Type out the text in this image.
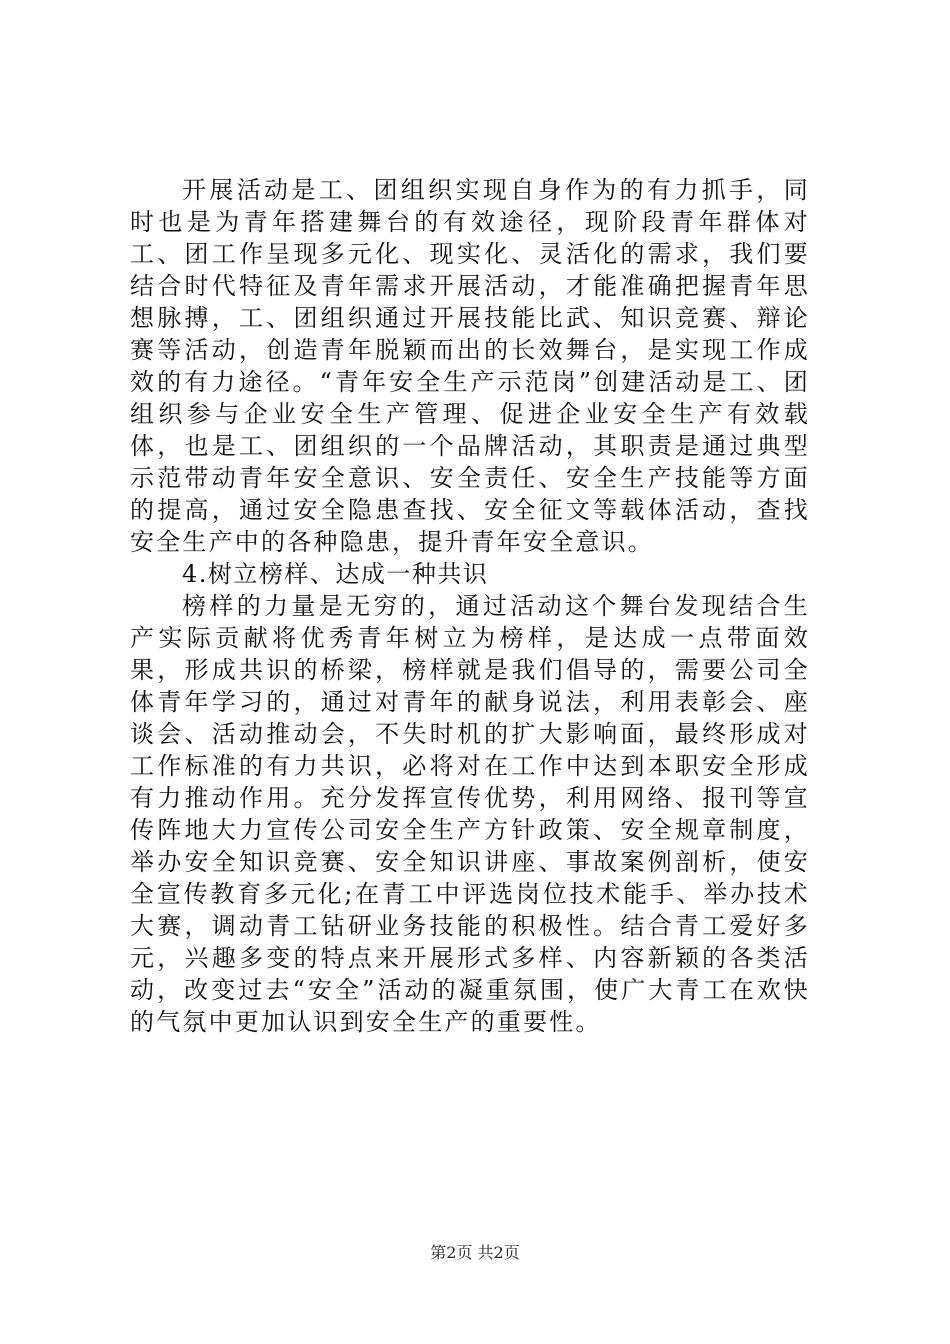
开展活动是工、团组织实现自身作为的有力抓手，同时也是为青年搭建舞台的有效途径，现阶段青年群体对工、团工作呈现多元化、现实化、灵活化的需求，我们要结合时代特征及青年需求开展活动，才能准确把握青年思想脉搏，工、团组织通过开展技能比武、知识竞赛、辩论赛等活动，创造青年脱颖而出的长效舞台，是实现工作成效的有力途径。“青年安全生产示范岗”创建活动是工、团组织参与企业安全生产管理、促进企业安全生产有效载体，也是工、团组织的一个品牌活动，其职责是通过典型示范带动青年安全意识、安全责任、安全生产技能等方面的提高，通过安全隐患查找、安全征文等载体活动，查找安全生产中的各种隐患，提升青年安全意识。

4.树立榜样、达成一种共识

榜样的力量是无穷的，通过活动这个舞台发现结合生产实际贡献将优秀青年树立为榜样，是达成一点带面效果，形成共识的桥梁，榜样就是我们倡导的，需要公司全体青年学习的，通过对青年的献身说法，利用表彰会、座谈会、活动推动会，不失时机的扩大影响面，最终形成对工作标准的有力共识，必将对在工作中达到本职安全形成有力推动作用。充分发挥宣传优势，利用网络、报刊等宣传阵地大力宣传公司安全生产方针政策、安全规章制度，举办安全知识竞赛、安全知识讲座、事故案例剖析，使安全宣传教育多元化;在青工中评选岗位技术能手、举办技术大赛，调动青工钻研业务技能的积极性。结合青工爱好多元，兴趣多变的特点来开展形式多样、内容新颖的各类活动，改变过去“安全”活动的凝重氛围，使广大青工在欢快的气氛中更加认识到安全生产的重要性。

第2页 共2页
